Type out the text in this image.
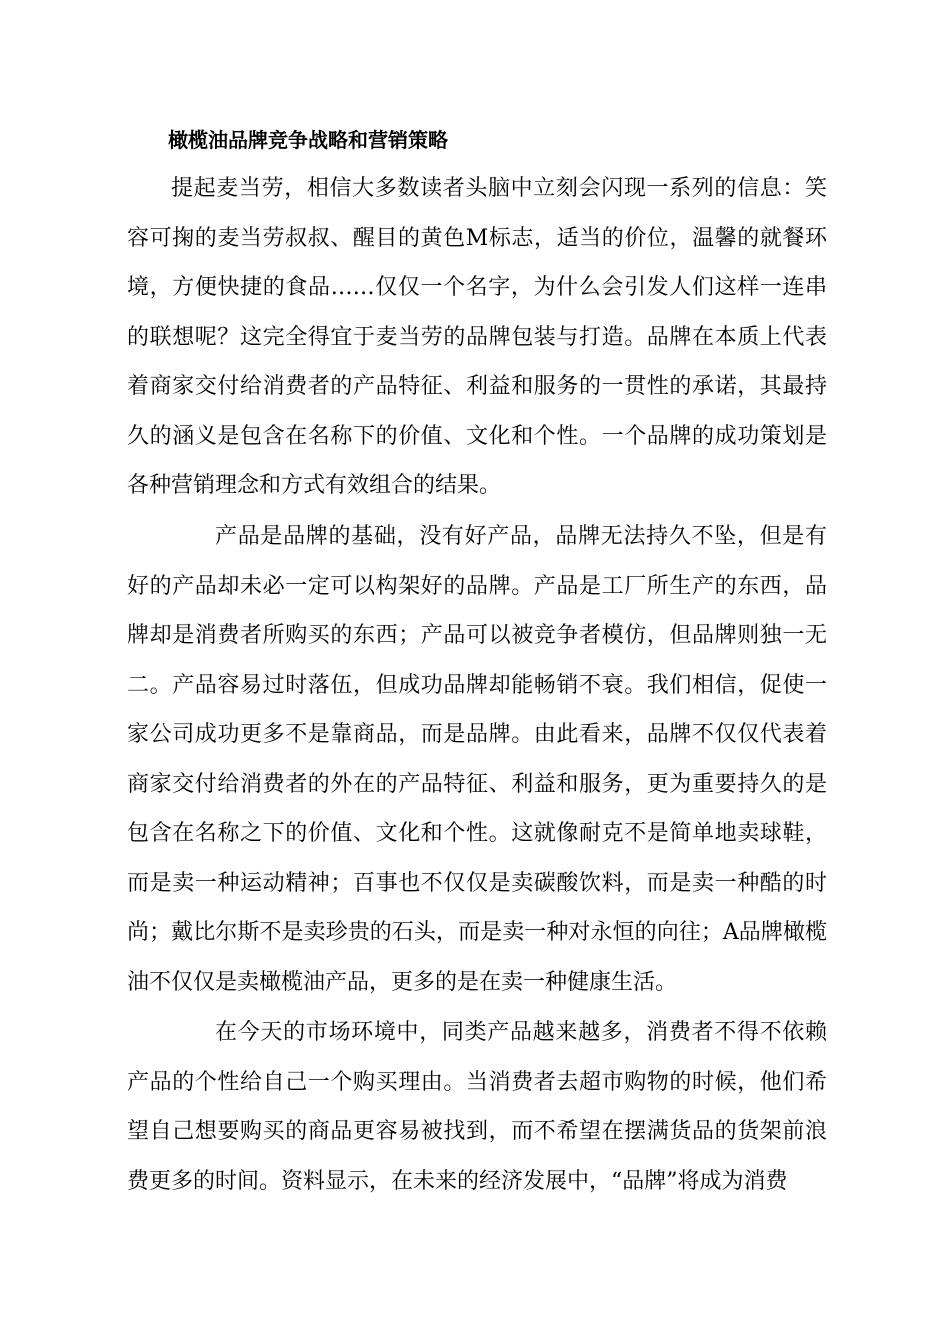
橄榄油品牌竞争战略和营销策略

提起麦当劳，相信大多数读者头脑中立刻会闪现一系列的信息：笑容可掬的麦当劳叔叔、醒目的黄色M标志，适当的价位，温馨的就餐环境，方便快捷的食品……仅仅一个名字，为什么会引发人们这样一连串的联想呢？这完全得宜于麦当劳的品牌包装与打造。品牌在本质上代表着商家交付给消费者的产品特征、利益和服务的一贯性的承诺，其最持久的涵义是包含在名称下的价值、文化和个性。一个品牌的成功策划是各种营销理念和方式有效组合的结果。

产品是品牌的基础，没有好产品，品牌无法持久不坠，但是有好的产品却未必一定可以构架好的品牌。产品是工厂所生产的东西，品牌却是消费者所购买的东西；产品可以被竞争者模仿，但品牌则独一无二。产品容易过时落伍，但成功品牌却能畅销不衰。我们相信，促使一家公司成功更多不是靠商品，而是品牌。由此看来，品牌不仅仅代表着商家交付给消费者的外在的产品特征、利益和服务，更为重要持久的是包含在名称之下的价值、文化和个性。这就像耐克不是简单地卖球鞋，而是卖一种运动精神；百事也不仅仅是卖碳酸饮料，而是卖一种酷的时尚；戴比尔斯不是卖珍贵的石头，而是卖一种对永恒的向往；A品牌橄榄油不仅仅是卖橄榄油产品，更多的是在卖一种健康生活。

在今天的市场环境中，同类产品越来越多，消费者不得不依赖产品的个性给自己一个购买理由。当消费者去超市购物的时候，他们希望自己想要购买的商品更容易被找到，而不希望在摆满货品的货架前浪费更多的时间。资料显示，在未来的经济发展中，“品牌”将成为消费
